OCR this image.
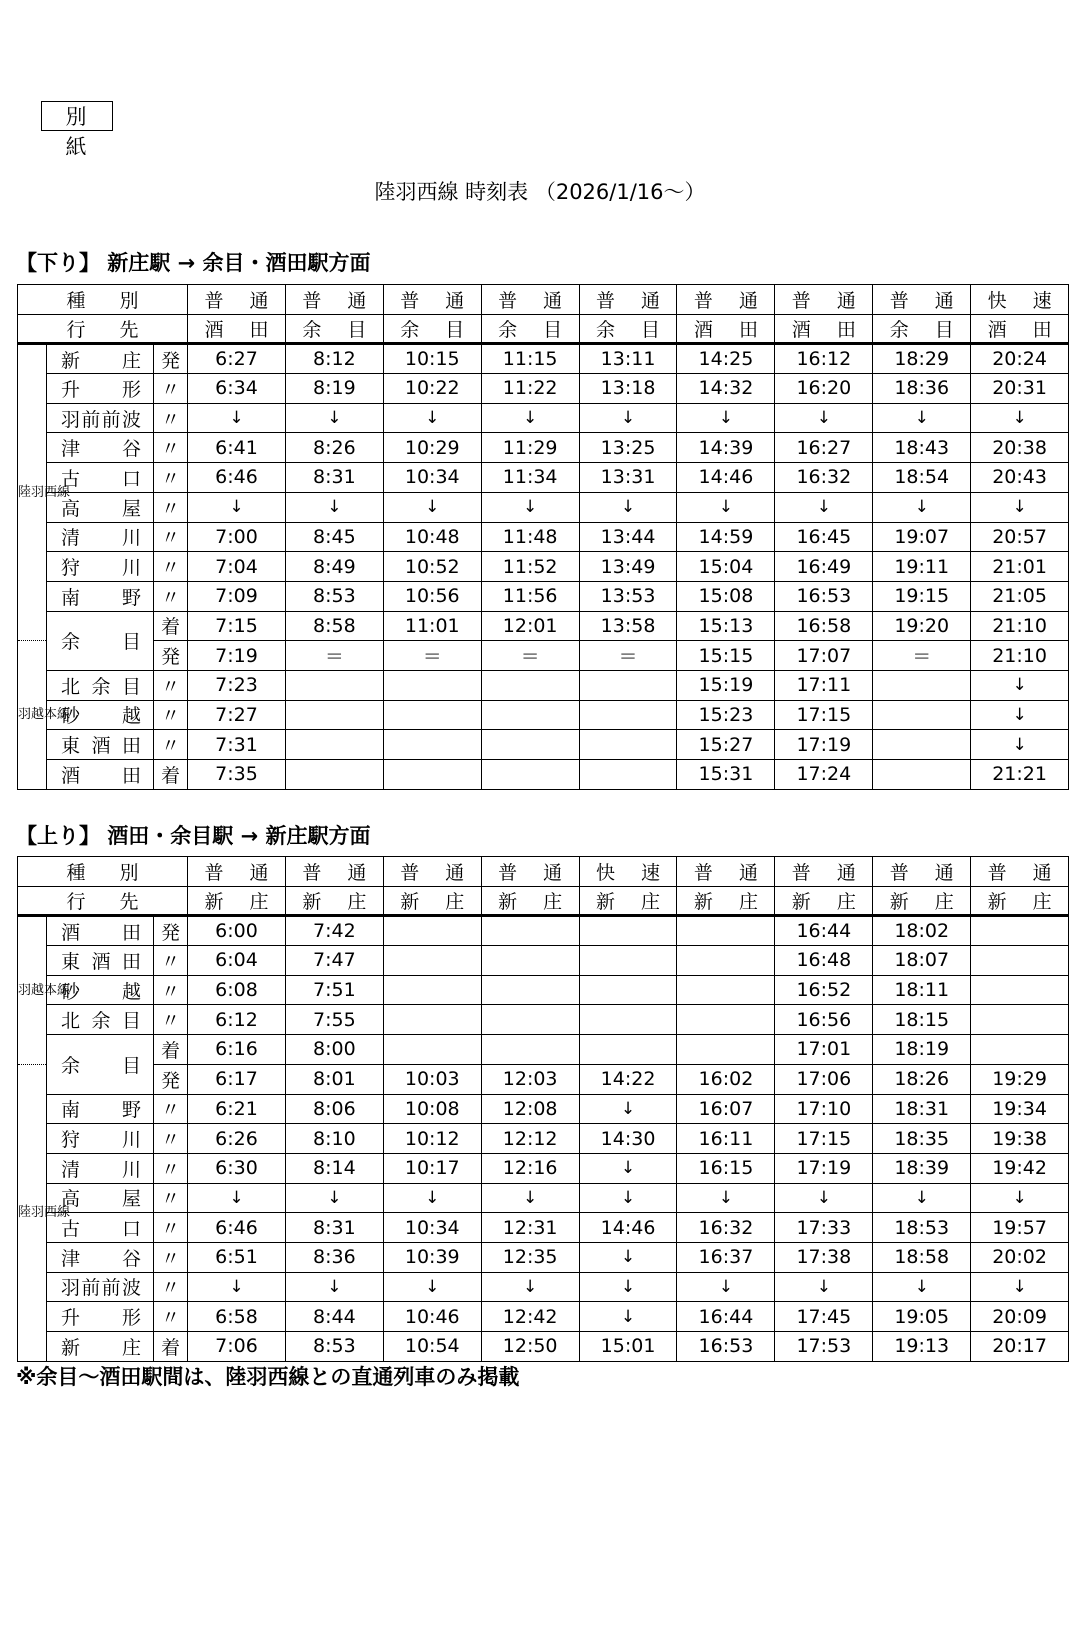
別 紙
陸羽西線 時刻表 （2026/1/16〜）
【下り】 新庄駅 → 余目・酒田駅方面
種 別			普 通	普 通	普 通	普 通	普 通	普 通	普 通	普 通	快 速
行 先			酒 田	余 目	余 目	余 目	余 目	酒 田	酒 田	余 目	酒 田
陸羽西線	新 庄	発	6:27	8:12	10:15	11:15	13:11	14:25	16:12	18:29	20:24
	升 形	〃	6:34	8:19	10:22	11:22	13:18	14:32	16:20	18:36	20:31
	羽前前波	〃	↓	↓	↓	↓	↓	↓	↓	↓	↓
	津 谷	〃	6:41	8:26	10:29	11:29	13:25	14:39	16:27	18:43	20:38
	古 口	〃	6:46	8:31	10:34	11:34	13:31	14:46	16:32	18:54	20:43
	高 屋	〃	↓	↓	↓	↓	↓	↓	↓	↓	↓
	清 川	〃	7:00	8:45	10:48	11:48	13:44	14:59	16:45	19:07	20:57
	狩 川	〃	7:04	8:49	10:52	11:52	13:49	15:04	16:49	19:11	21:01
	南 野	〃	7:09	8:53	10:56	11:56	13:53	15:08	16:53	19:15	21:05
	余 目	着	7:15	8:58	11:01	12:01	13:58	15:13	16:58	19:20	21:10
羽越本線		発	7:19	＝	＝	＝	＝	15:15	17:07	＝	21:10
	北余目	〃	7:23					15:19	17:11		↓
	砂 越	〃	7:27					15:23	17:15		↓
	東酒田	〃	7:31					15:27	17:19		↓
	酒 田	着	7:35					15:31	17:24		21:21
【上り】 酒田・余目駅 → 新庄駅方面
種 別			普 通	普 通	普 通	普 通	快 速	普 通	普 通	普 通	普 通
行 先			新 庄	新 庄	新 庄	新 庄	新 庄	新 庄	新 庄	新 庄	新 庄
羽越本線	酒 田	発	6:00	7:42					16:44	18:02	
	東酒田	〃	6:04	7:47					16:48	18:07	
	砂 越	〃	6:08	7:51					16:52	18:11	
	北余目	〃	6:12	7:55					16:56	18:15	
	余 目	着	6:16	8:00					17:01	18:19	
陸羽西線		発	6:17	8:01	10:03	12:03	14:22	16:02	17:06	18:26	19:29
	南 野	〃	6:21	8:06	10:08	12:08	↓	16:07	17:10	18:31	19:34
	狩 川	〃	6:26	8:10	10:12	12:12	14:30	16:11	17:15	18:35	19:38
	清 川	〃	6:30	8:14	10:17	12:16	↓	16:15	17:19	18:39	19:42
	高 屋	〃	↓	↓	↓	↓	↓	↓	↓	↓	↓
	古 口	〃	6:46	8:31	10:34	12:31	14:46	16:32	17:33	18:53	19:57
	津 谷	〃	6:51	8:36	10:39	12:35	↓	16:37	17:38	18:58	20:02
	羽前前波	〃	↓	↓	↓	↓	↓	↓	↓	↓	↓
	升 形	〃	6:58	8:44	10:46	12:42	↓	16:44	17:45	19:05	20:09
	新 庄	着	7:06	8:53	10:54	12:50	15:01	16:53	17:53	19:13	20:17
※余目〜酒田駅間は、陸羽西線との直通列車のみ掲載
